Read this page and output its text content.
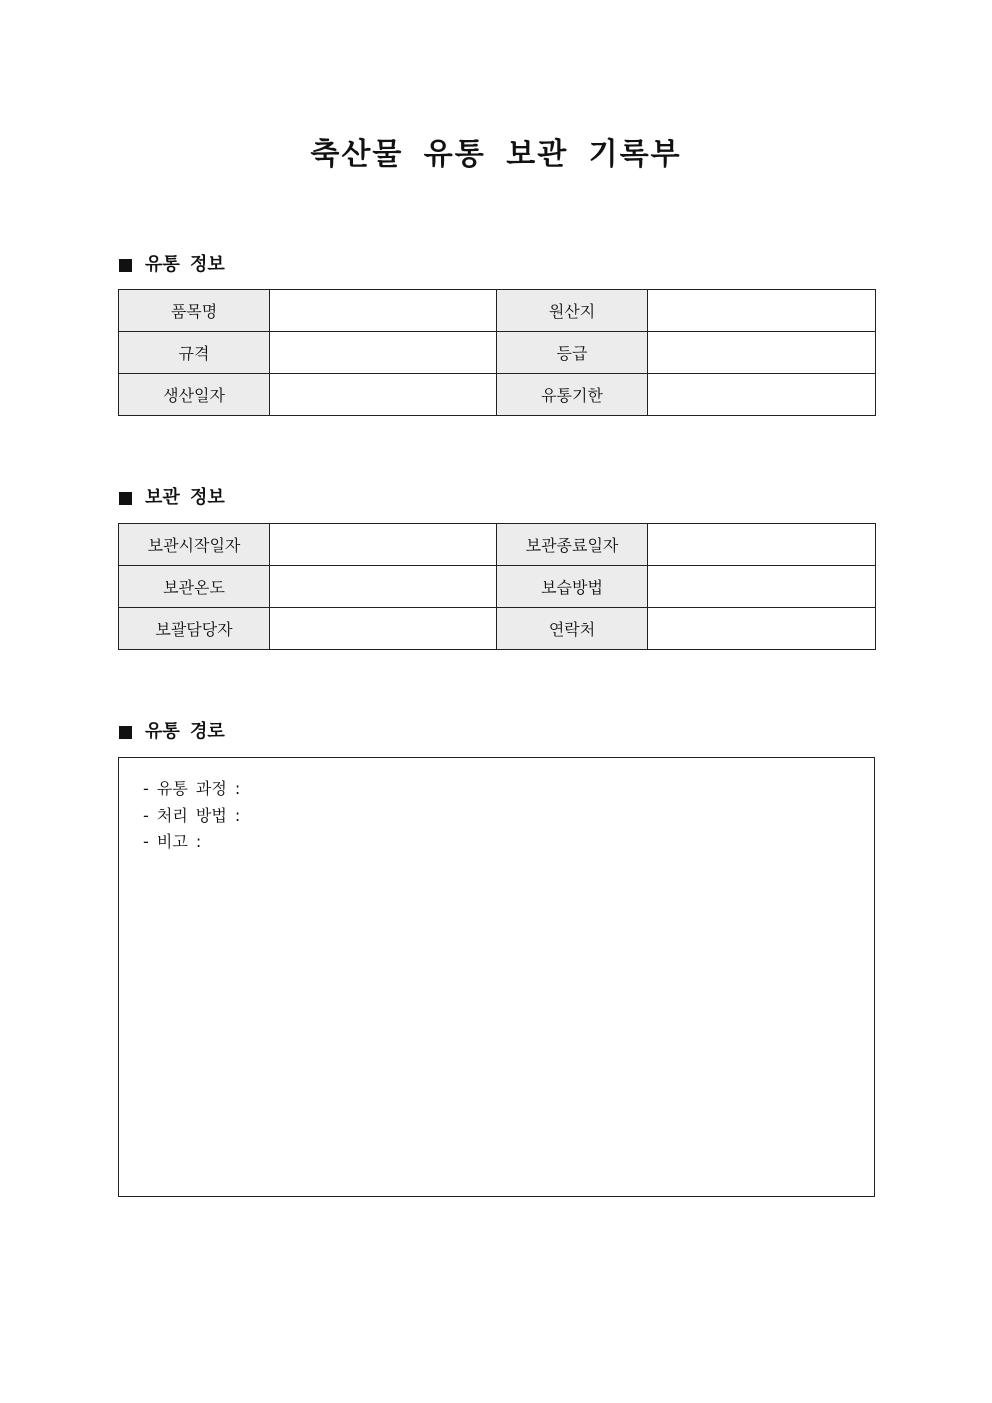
축산물 유통 보관 기록부
유통 정보
품목명		원산지	
규격		등급	
생산일자		유통기한	
보관 정보
보관시작일자		보관종료일자	
보관온도		보습방법	
보괄담당자		연락처	
유통 경로
- 유통 과정 :
- 처리 방법 :
- 비고 :
